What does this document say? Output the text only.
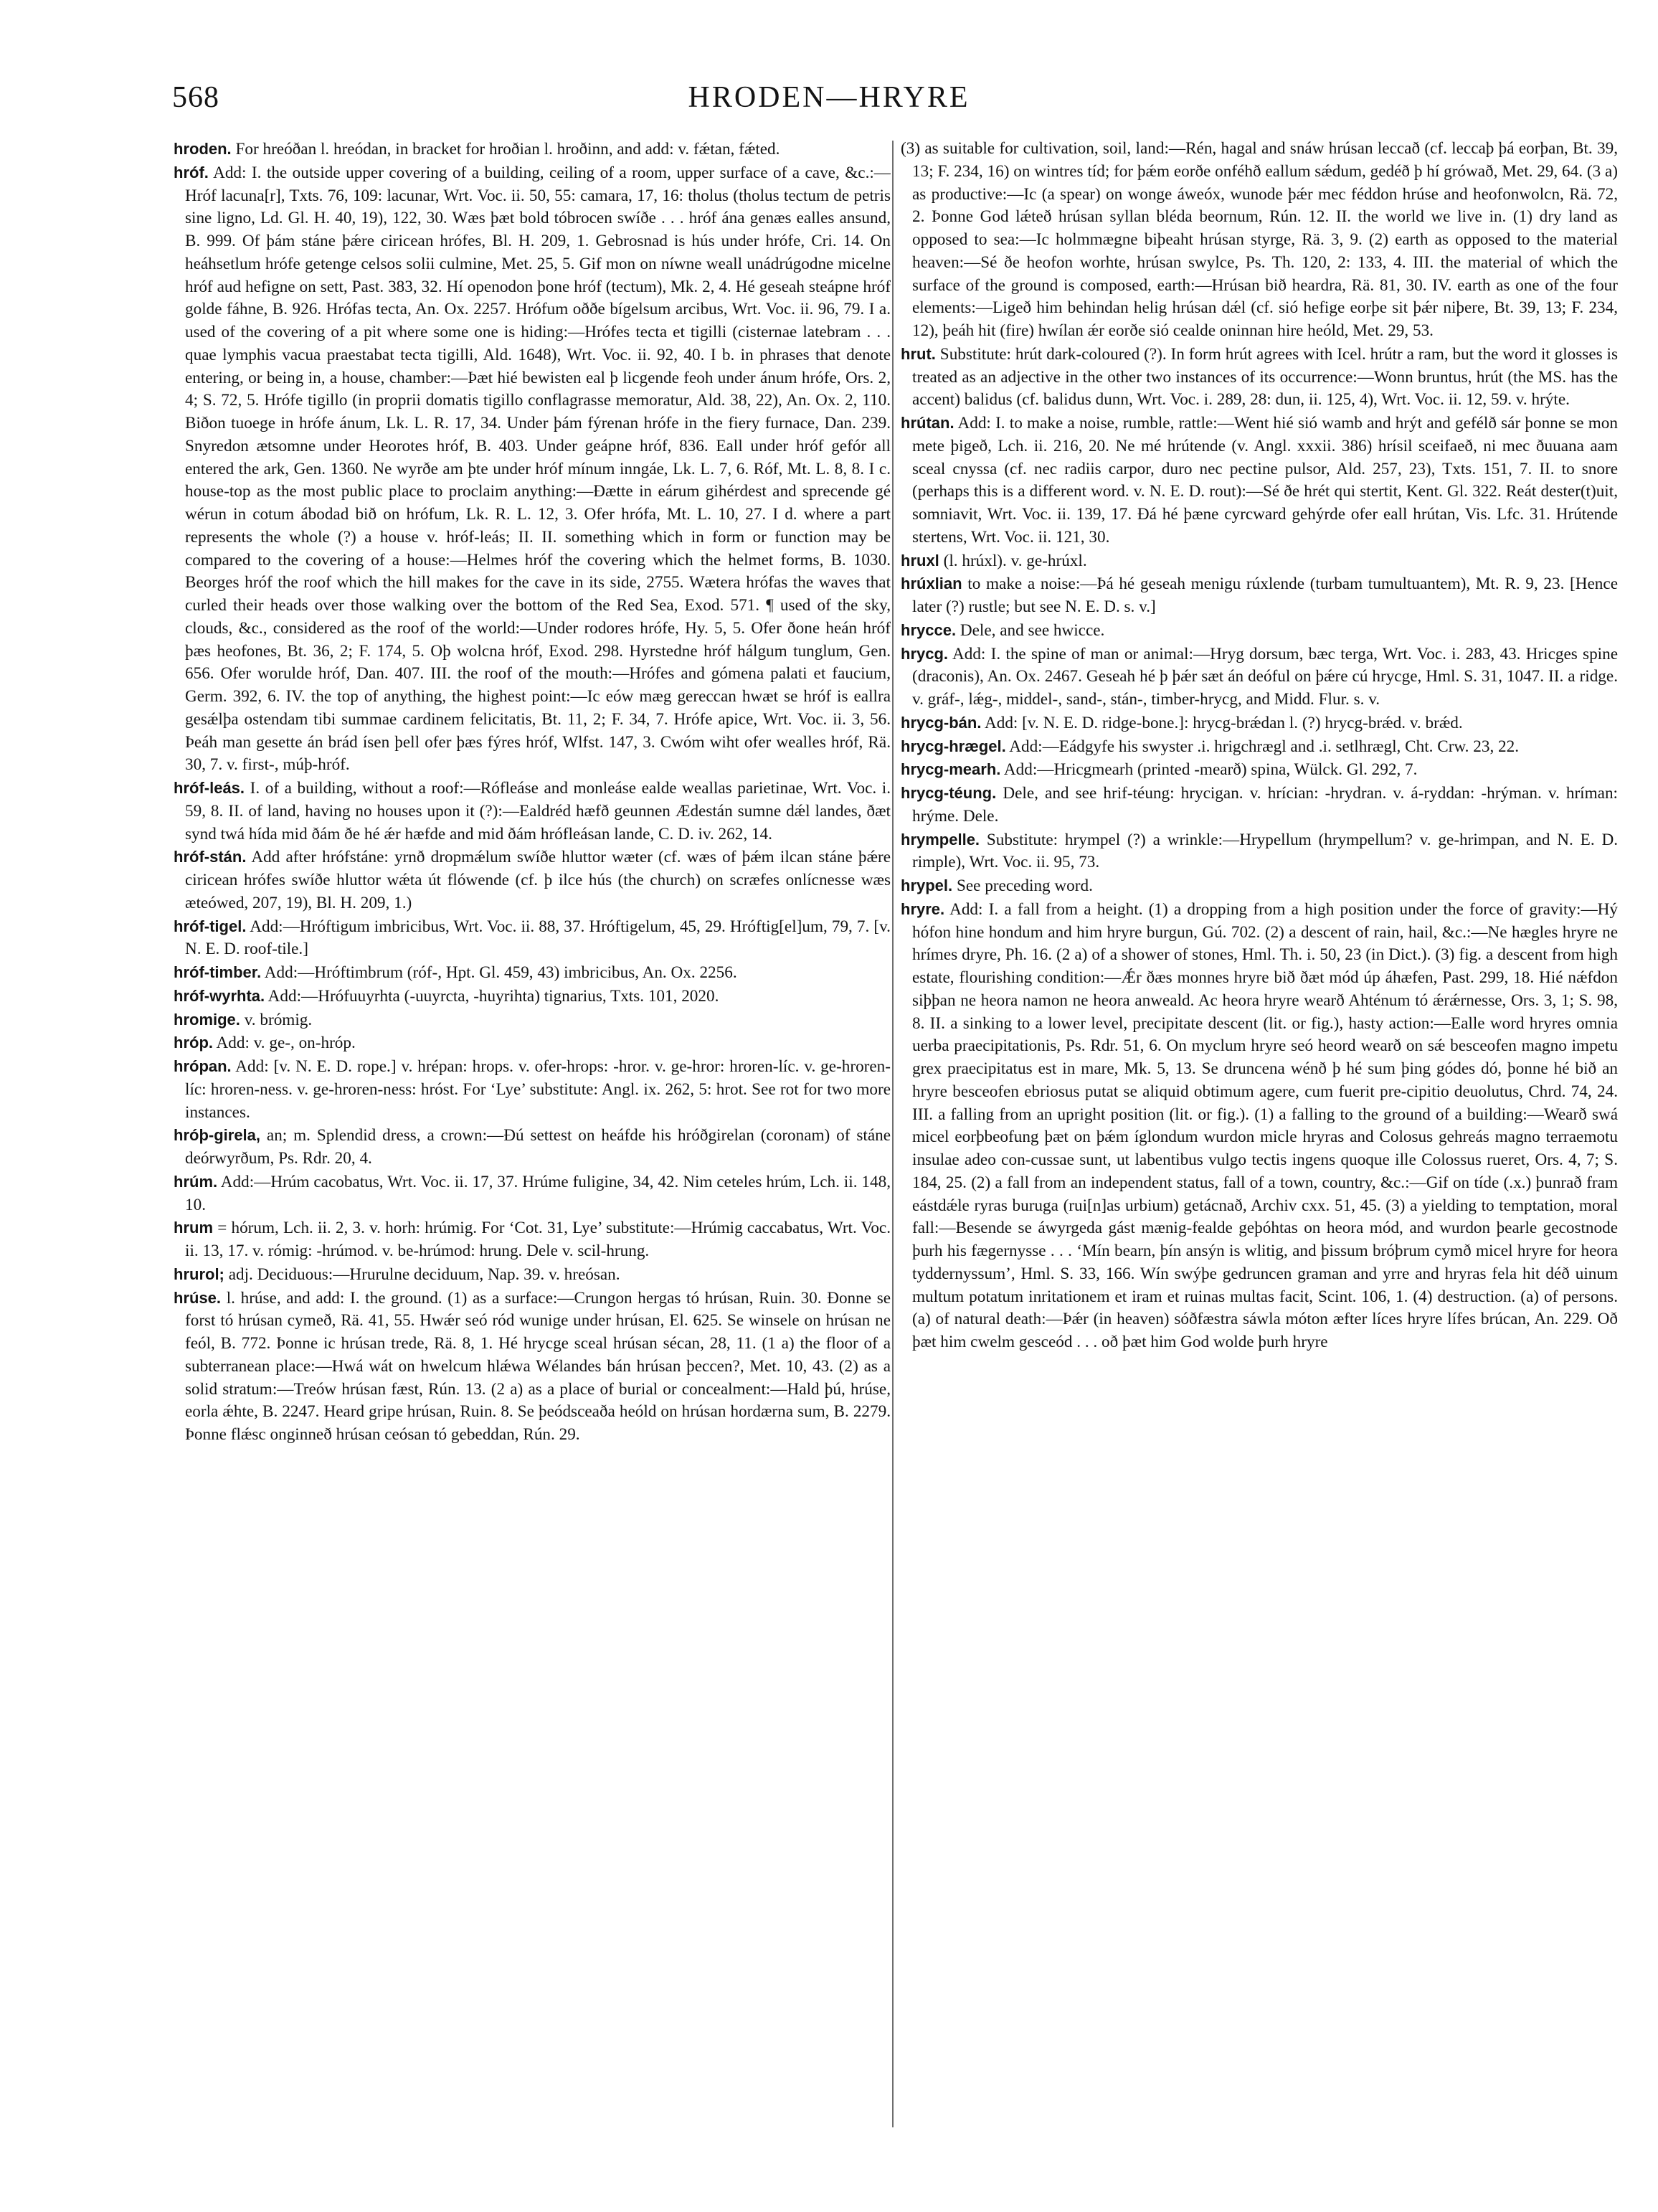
568	HRODEN—HRYRE

hroden. For hreóðan l. hreódan, in bracket for hroðian l. hroðinn, and add: v. fǽtan, fǽted.

hróf. Add: I. the outside upper covering of a building, ceiling of a room, upper surface of a cave, &c.:—Hróf lacuna[r], Txts. 76, 109: lacunar, Wrt. Voc. ii. 50, 55: camara, 17, 16: tholus (tholus tectum de petris sine ligno, Ld. Gl. H. 40, 19), 122, 30. Wæs þæt bold tóbrocen swíðe . . . hróf ána genæs ealles ansund, B. 999. Of þám stáne þǽre ciricean hrófes, Bl. H. 209, 1. Gebrosnad is hús under hrófe, Cri. 14. On heáhsetlum hrófe getenge celsos solii culmine, Met. 25, 5. Gif mon on níwne weall unádrúgodne micelne hróf aud hefigne on sett, Past. 383, 32. Hí openodon þone hróf (tectum), Mk. 2, 4. Hé geseah steápne hróf golde fáhne, B. 926. Hrófas tecta, An. Ox. 2257. Hrófum oððe bígelsum arcibus, Wrt. Voc. ii. 96, 79. I a. used of the covering of a pit where some one is hiding:—Hrófes tecta et tigilli (cisternae latebram . . . quae lymphis vacua praestabat tecta tigilli, Ald. 1648), Wrt. Voc. ii. 92, 40. I b. in phrases that denote entering, or being in, a house, chamber:—Þæt hié bewisten eal þ licgende feoh under ánum hrófe, Ors. 2, 4; S. 72, 5. Hrófe tigillo (in proprii domatis tigillo conflagrasse memoratur, Ald. 38, 22), An. Ox. 2, 110. Biðon tuoege in hrófe ánum, Lk. L. R. 17, 34. Under þám fýrenan hrófe in the fiery furnace, Dan. 239. Snyredon ætsomne under Heorotes hróf, B. 403. Under geápne hróf, 836. Eall under hróf gefór all entered the ark, Gen. 1360. Ne wyrðe am þte under hróf mínum inngáe, Lk. L. 7, 6. Róf, Mt. L. 8, 8. I c. house-top as the most public place to proclaim anything:—Ðætte in eárum gihérdest and sprecende gé wérun in cotum ábodad bið on hrófum, Lk. R. L. 12, 3. Ofer hrófa, Mt. L. 10, 27. I d. where a part represents the whole (?) a house v. hróf-leás; II. II. something which in form or function may be compared to the covering of a house:—Helmes hróf the covering which the helmet forms, B. 1030. Beorges hróf the roof which the hill makes for the cave in its side, 2755. Wætera hrófas the waves that curled their heads over those walking over the bottom of the Red Sea, Exod. 571. ¶ used of the sky, clouds, &c., considered as the roof of the world:—Under rodores hrófe, Hy. 5, 5. Ofer ðone heán hróf þæs heofones, Bt. 36, 2; F. 174, 5. Oþ wolcna hróf, Exod. 298. Hyrstedne hróf hálgum tunglum, Gen. 656. Ofer woruldе hróf, Dan. 407. III. the roof of the mouth:—Hrófes and gómena palati et faucium, Germ. 392, 6. IV. the top of anything, the highest point:—Ic eów mæg gereccan hwæt se hróf is eallra gesǽlþa ostendam tibi summae cardinem felicitatis, Bt. 11, 2; F. 34, 7. Hrófe apice, Wrt. Voc. ii. 3, 56. Þeáh man gesette án brád ísen þell ofer þæs fýres hróf, Wlfst. 147, 3. Cwóm wiht ofer wealles hróf, Rä. 30, 7. v. first-, múþ-hróf.

hróf-leás. I. of a building, without a roof:—Rófleáse and monleáse ealde weallas parietinae, Wrt. Voc. i. 59, 8. II. of land, having no houses upon it (?):—Ealdréd hæfð geunnen Ædestán sumne dǽl landes, ðæt synd twá hída mid ðám ðe hé ǽr hæfde and mid ðám hrófleásan lande, C. D. iv. 262, 14.

hróf-stán. Add after hrófstáne: yrnð dropmǽlum swíðe hluttor wæter (cf. wæs of þǽm ilcan stáne þǽre ciricean hrófes swíðe hluttor wǽta út flówende (cf. þ ilce hús (the church) on scræfes onlícnesse wæs æteówed, 207, 19), Bl. H. 209, 1.)

hróf-tigel. Add:—Hróftigum imbricibus, Wrt. Voc. ii. 88, 37. Hróftigelum, 45, 29. Hróftig[el]um, 79, 7. [v. N. E. D. roof-tile.]

hróf-timber. Add:—Hróftimbrum (róf-, Hpt. Gl. 459, 43) imbricibus, An. Ox. 2256.

hróf-wyrhta. Add:—Hrófuuyrhta (-uuyrcta, -huyrihta) tignarius, Txts. 101, 2020.

hromige. v. brómig.

hróp. Add: v. ge-, on-hróp.

hrópan. Add: [v. N. E. D. rope.] v. hrépan: hrops. v. ofer-hrops: -hror. v. ge-hror: hroren-líc. v. ge-hroren-líc: hroren-ness. v. ge-hroren-ness: hróst. For ‘Lye’ substitute: Angl. ix. 262, 5: hrot. See rot for two more instances.

hróþ-girela, an; m. Splendid dress, a crown:—Ðú settest on heáfde his hróðgirelan (coronam) of stáne deórwyrðum, Ps. Rdr. 20, 4.

hrúm. Add:—Hrúm cacobatus, Wrt. Voc. ii. 17, 37. Hrúme fuligine, 34, 42. Nim ceteles hrúm, Lch. ii. 148, 10.

hrum = hórum, Lch. ii. 2, 3. v. horh: hrúmig. For ‘Cot. 31, Lye’ substitute:—Hrúmig caccabatus, Wrt. Voc. ii. 13, 17. v. rómig: -hrúmod. v. be-hrúmod: hrung. Dele v. scil-hrung.

hrurol; adj. Deciduous:—Hrurulne deciduum, Nap. 39. v. hreósan.

hrúse. l. hrúse, and add: I. the ground. (1) as a surface:—Crungon hergas tó hrúsan, Ruin. 30. Ðonne se forst tó hrúsan cymeð, Rä. 41, 55. Hwǽr seó ród wunige under hrúsan, El. 625. Se winsele on hrúsan ne feól, B. 772. Þonne ic hrúsan trede, Rä. 8, 1. Hé hrycge sceal hrúsan sécan, 28, 11. (1 a) the floor of a subterranean place:—Hwá wát on hwelcum hlǽwa Wélandes bán hrúsan þeccen?, Met. 10, 43. (2) as a solid stratum:—Treów hrúsan fæst, Rún. 13. (2 a) as a place of burial or concealment:—Hald þú, hrúse, eorla ǽhte, B. 2247. Heard gripe hrúsan, Ruin. 8. Se þeódsceaða heóld on hrúsan hordærna sum, B. 2279. Þonne flǽsc onginneð hrúsan ceósan tó gebeddan, Rún. 29.

(3) as suitable for cultivation, soil, land:—Rén, hagal and snáw hrúsan leccað (cf. leccaþ þá eorþan, Bt. 39, 13; F. 234, 16) on wintres tíd; for þǽm eorðe onféhð eallum sǽdum, gedéð þ hí grówað, Met. 29, 64. (3 a) as productive:—Ic (a spear) on wonge áweóx, wunode þǽr mec féddon hrúse and heofonwolcn, Rä. 72, 2. Þonne God lǽteð hrúsan syllan bléda beornum, Rún. 12. II. the world we live in. (1) dry land as opposed to sea:—Ic holmmægne biþeaht hrúsan styrge, Rä. 3, 9. (2) earth as opposed to the material heaven:—Sé ðe heofon worhte, hrúsan swylce, Ps. Th. 120, 2: 133, 4. III. the material of which the surface of the ground is composed, earth:—Hrúsan bið heardra, Rä. 81, 30. IV. earth as one of the four elements:—Ligeð him behindan helig hrúsan dǽl (cf. sió hefige eorþe sit þǽr niþere, Bt. 39, 13; F. 234, 12), þeáh hit (fire) hwílan ǽr eorðe sió cealde oninnan hire heóld, Met. 29, 53.

hrut. Substitute: hrút dark-coloured (?). In form hrút agrees with Icel. hrútr a ram, but the word it glosses is treated as an adjective in the other two instances of its occurrence:—Wonn bruntus, hrút (the MS. has the accent) balidus (cf. balidus dunn, Wrt. Voc. i. 289, 28: dun, ii. 125, 4), Wrt. Voc. ii. 12, 59. v. hrýte.

hrútan. Add: I. to make a noise, rumble, rattle:—Went hié sió wamb and hrýt and gefélð sár þonne se mon mete þigeð, Lch. ii. 216, 20. Ne mé hrútende (v. Angl. xxxii. 386) hrísil sceifaeð, ni mec ðuuana aam sceal cnyssa (cf. nec radiis carpor, duro nec pectine pulsor, Ald. 257, 23), Txts. 151, 7. II. to snore (perhaps this is a different word. v. N. E. D. rout):—Sé ðe hrét qui stertit, Kent. Gl. 322. Reát dester(t)uit, somniavit, Wrt. Voc. ii. 139, 17. Ðá hé þæne cyrcward gehýrde ofer eall hrútan, Vis. Lfc. 31. Hrútende stertens, Wrt. Voc. ii. 121, 30.

hruxl (l. hrúxl). v. ge-hrúxl.

hrúxlian to make a noise:—Þá hé geseah menigu rúxlende (turbam tumultuantem), Mt. R. 9, 23. [Hence later (?) rustle; but see N. E. D. s. v.]

hrycce. Dele, and see hwicce.

hrycg. Add: I. the spine of man or animal:—Hryg dorsum, bæc terga, Wrt. Voc. i. 283, 43. Hricges spine (draconis), An. Ox. 2467. Geseah hé þ þǽr sæt án deóful on þǽre cú hrycge, Hml. S. 31, 1047. II. a ridge. v. gráf-, lǽg-, middel-, sand-, stán-, timber-hrycg, and Midd. Flur. s. v.

hrycg-bán. Add: [v. N. E. D. ridge-bone.]: hrycg-brǽdan l. (?) hrycg-brǽd. v. brǽd.

hrycg-hrægel. Add:—Eádgyfe his swyster .i. hrigchrægl and .i. setlhrægl, Cht. Crw. 23, 22.

hrycg-mearh. Add:—Hricgmearh (printed -mearð) spina, Wülck. Gl. 292, 7.

hrycg-téung. Dele, and see hrif-téung: hrycigan. v. hrícian: -hrydran. v. á-ryddan: -hrýman. v. hríman: hrýme. Dele.

hrympelle. Substitute: hrympel (?) a wrinkle:—Hrypellum (hrympellum? v. ge-hrimpan, and N. E. D. rimple), Wrt. Voc. ii. 95, 73.

hrypel. See preceding word.

hryre. Add: I. a fall from a height. (1) a dropping from a high position under the force of gravity:—Hý hófon hine hondum and him hryre burgun, Gú. 702. (2) a descent of rain, hail, &c.:—Ne hægles hryre ne hrímes dryre, Ph. 16. (2 a) of a shower of stones, Hml. Th. i. 50, 23 (in Dict.). (3) fig. a descent from high estate, flourishing condition:—Ǽr ðæs monnes hryre bið ðæt mód úp áhæfen, Past. 299, 18. Hié nǽfdon siþþan ne heora namon ne heora anweald. Ac heora hryre wearð Ahténum tó ǽrǽrnesse, Ors. 3, 1; S. 98, 8. II. a sinking to a lower level, precipitate descent (lit. or fig.), hasty action:—Ealle word hryres omnia uerba praecipitationis, Ps. Rdr. 51, 6. On myclum hryre seó heord wearð on sǽ besceofen magno impetu grex praecipitatus est in mare, Mk. 5, 13. Se druncena wénð þ hé sum þing gódes dó, þonne hé bið an hryre besceofen ebriosus putat se aliquid obtimum agere, cum fuerit pre-cipitio deuolutus, Chrd. 74, 24. III. a falling from an upright position (lit. or fig.). (1) a falling to the ground of a building:—Wearð swá micel eorþbeofung þæt on þǽm íglondum wurdon micle hryras and Colosus gehreás magno terraemotu insulae adeo con-cussae sunt, ut labentibus vulgo tectis ingens quoque ille Colossus rueret, Ors. 4, 7; S. 184, 25. (2) a fall from an independent status, fall of a town, country, &c.:—Gif on tíde (.x.) þunrað fram eástdǽle ryras buruga (rui[n]as urbium) getácnað, Archiv cxx. 51, 45. (3) a yielding to temptation, moral fall:—Besende se áwyrgeda gást mænig-fealde geþóhtas on heora mód, and wurdon þearle gecostnode þurh his fægernysse . . . ‘Mín bearn, þín ansýn is wlitig, and þissum bróþrum cymð micel hryre for heora tyddernyssum’, Hml. S. 33, 166. Wín swýþe gedruncen graman and yrre and hryras fela hit déð uinum multum potatum inritationem et iram et ruinas multas facit, Scint. 106, 1. (4) destruction. (a) of persons. (a) of natural death:—Þǽr (in heaven) sóðfæstra sáwla móton æfter líces hryre lífes brúcan, An. 229. Oð þæt him cwelm gesceód . . . oð þæt him God wolde þurh hryre
